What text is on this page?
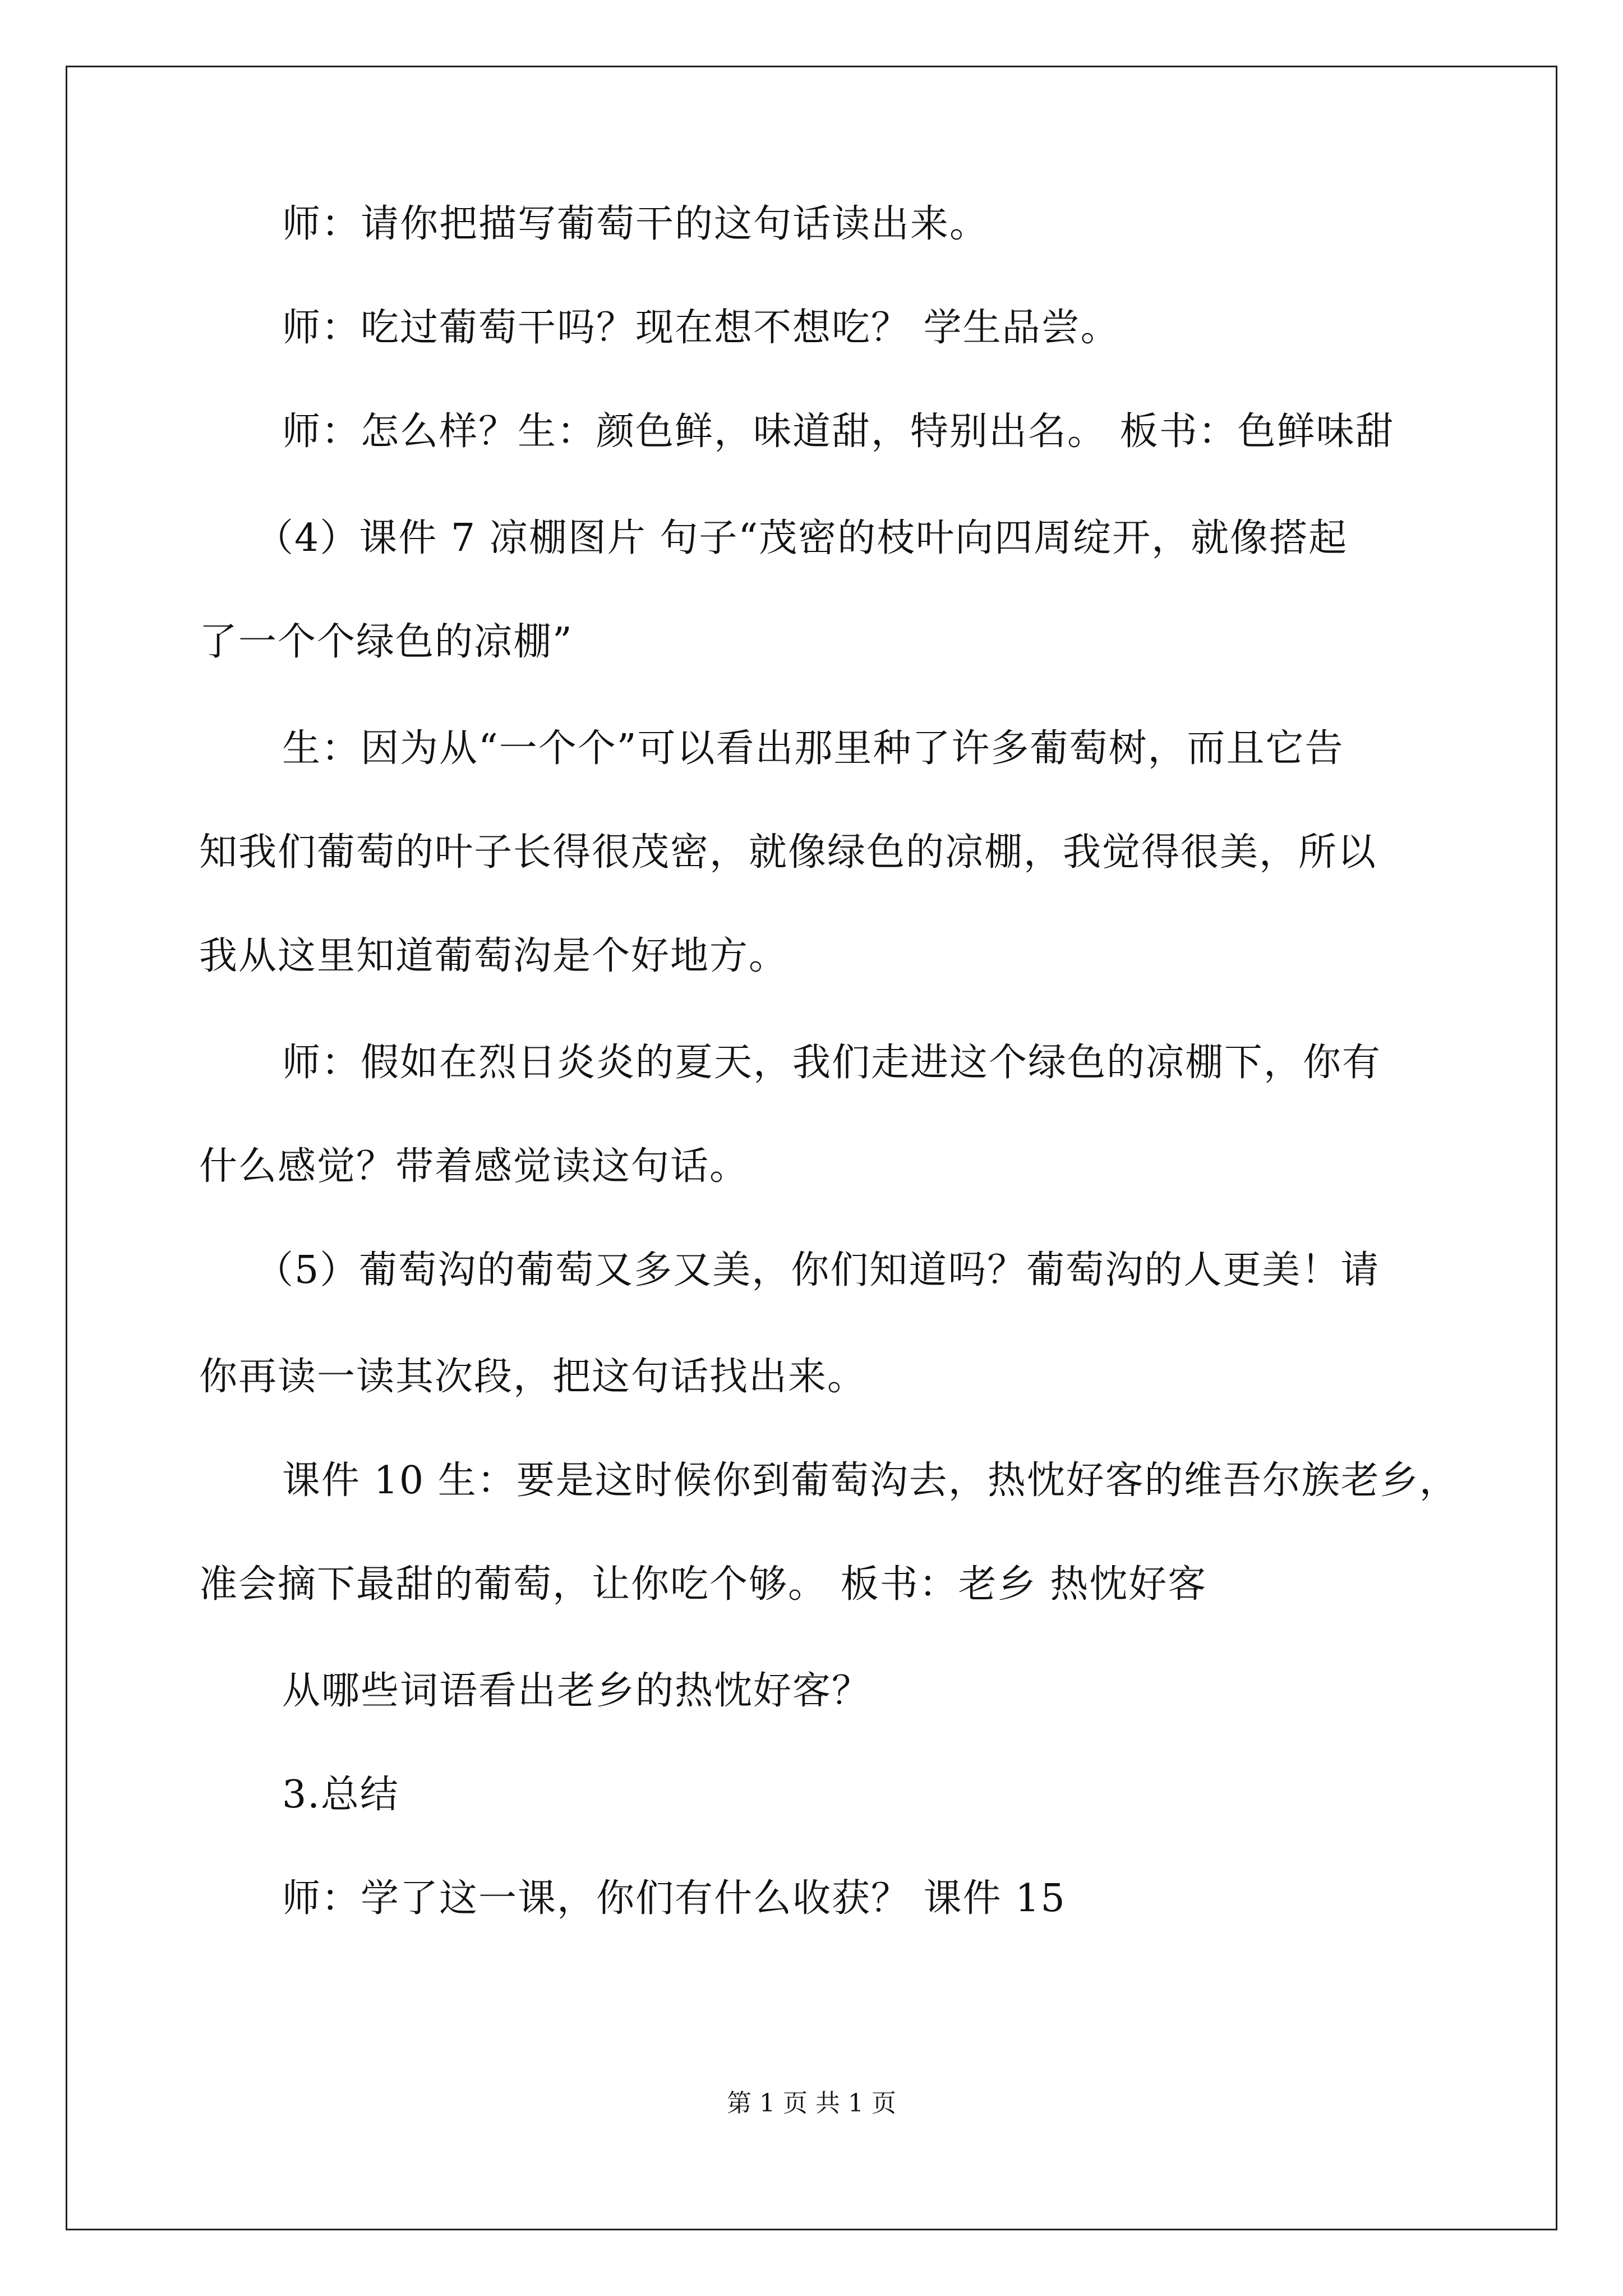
师：请你把描写葡萄干的这句话读出来。
师：吃过葡萄干吗？现在想不想吃？ 学生品尝。
师：怎么样？生：颜色鲜，味道甜，特别出名。 板书：色鲜味甜
（4）课件 7 凉棚图片 句子“茂密的枝叶向四周绽开，就像搭起
了一个个绿色的凉棚”
生：因为从“一个个”可以看出那里种了许多葡萄树，而且它告
知我们葡萄的叶子长得很茂密，就像绿色的凉棚，我觉得很美，所以
我从这里知道葡萄沟是个好地方。
师：假如在烈日炎炎的夏天，我们走进这个绿色的凉棚下，你有
什么感觉？带着感觉读这句话。
（5）葡萄沟的葡萄又多又美，你们知道吗？葡萄沟的人更美！请
你再读一读其次段，把这句话找出来。
课件 10 生：要是这时候你到葡萄沟去，热忱好客的维吾尔族老乡，
准会摘下最甜的葡萄，让你吃个够。 板书：老乡 热忱好客
从哪些词语看出老乡的热忱好客？
3.总结
师：学了这一课，你们有什么收获？ 课件 15
第 1 页 共 1 页
